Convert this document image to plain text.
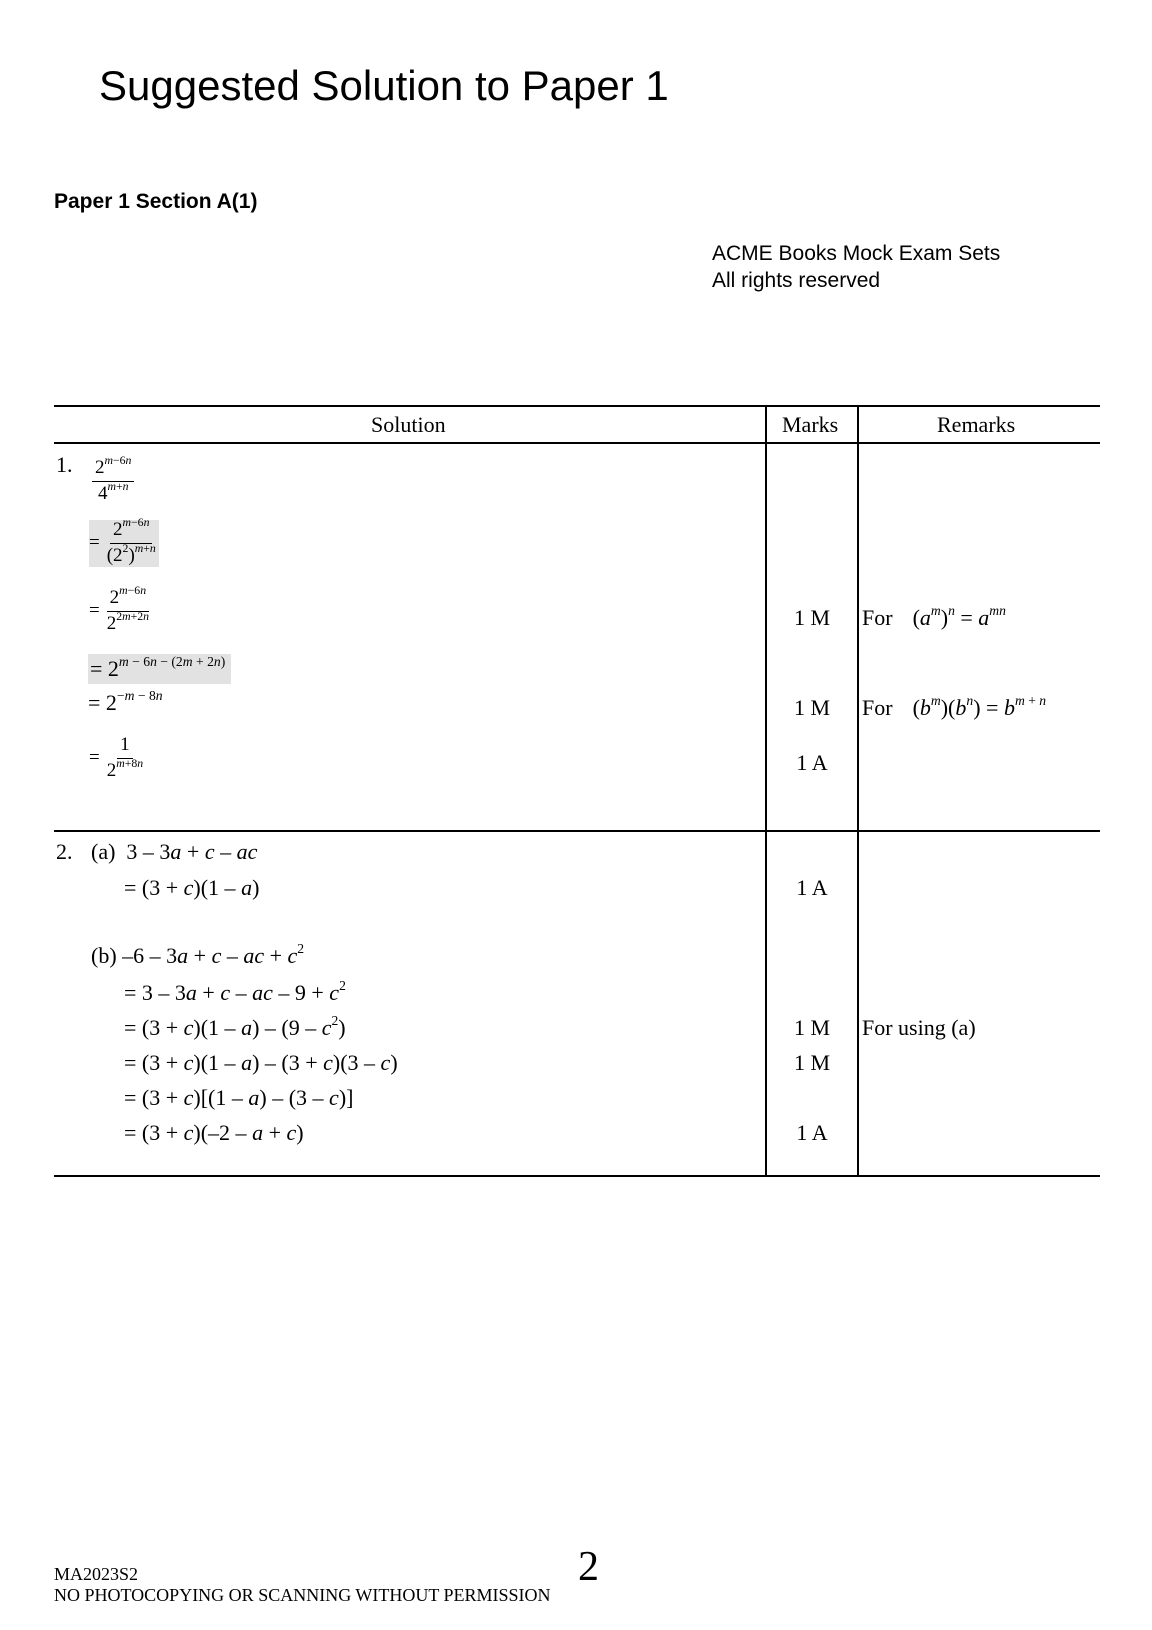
Suggested Solution to Paper 1
Paper 1 Section A(1)
ACME Books Mock Exam Sets
All rights reserved
Solution	Marks	Remarks
1. $\frac{2^{m-6n}}{4^{m+n}}$
= $\frac{2^{m-6n}}{(2^2)^{m+n}}$
= $\frac{2^{m-6n}}{2^{2m+2n}}$
= $2^{m - 6n - (2m + 2n)}$
= $2^{-m - 8n}$
= $\frac{1}{2^{m+8n}}$
1 M
1 M
1 A
For $(a^m)^n = a^{mn}$
For $(b^m)(b^n) = b^{m + n}$
2. (a)  3 – 3a + c – ac
= (3 + c)(1 – a)
(b) –6 – 3a + c – ac + $c^2$
= 3 – 3a + c – ac – $9 + c^2$
= $(3 + c)(1 - a) - (9 - c^2)$
= (3 + c)(1 – a) – (3 + c)(3 – c)
= (3 + c)[(1 – a) – (3 – c)]
= (3 + c)(–2 – a + c)
1 A
1 M
1 M
1 A
For using (a)
MA2023S2
NO PHOTOCOPYING OR SCANNING WITHOUT PERMISSION
2
